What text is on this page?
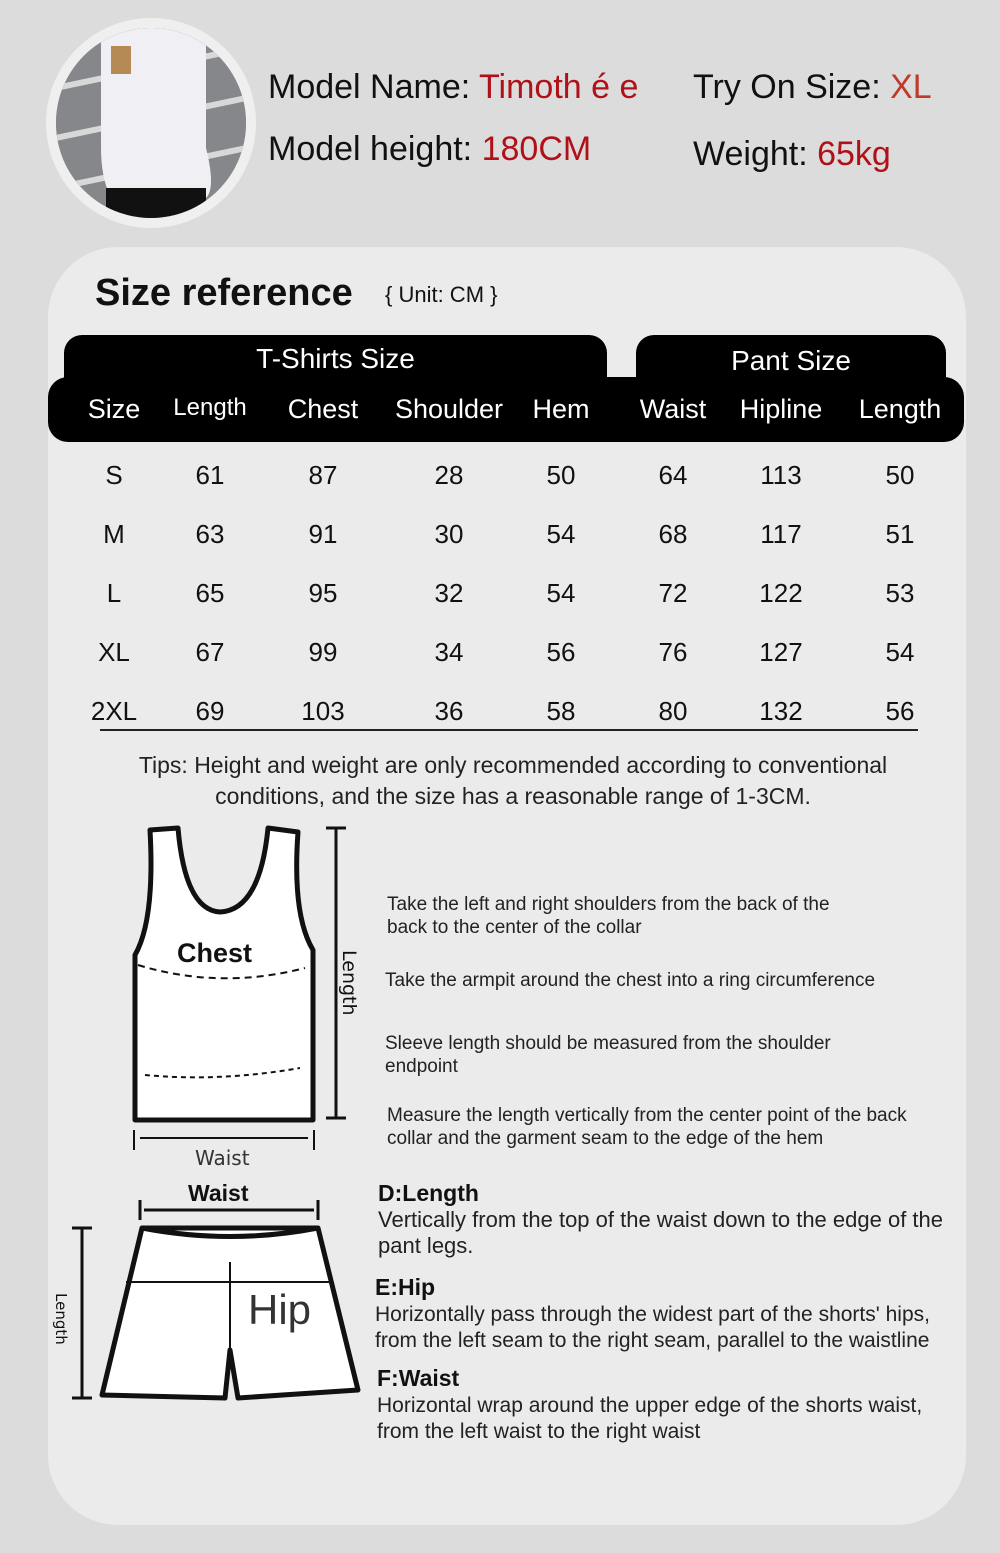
Model Name: Timoth é e Try On Size: XL
Model height: 180CM	Weight: 65kg
Size reference { Unit: CM }
T-Shirts Size	Pant Size
Size Length Chest Shoulder Hem Waist Hipline Length
S	61	87	28	50	64	113	50
M	63	91	30	54	68	117	51
L	65	95	32	54	72	122	53
XL	67	99	34	56	76	127	54
2XL 69	103	36	58	80	132	56
Tips: Height and weight are only recommended according to conventional conditions, and the size has a reasonable range of 1-3CM.
Chest	Length
Waist
Take the left and right shoulders from the back of the back to the center of the collar
Take the armpit around the chest into a ring circumference
Sleeve length should be measured from the shoulder endpoint
Measure the length vertically from the center point of the back collar and the garment seam to the edge of the hem
Waist
Hip
Length
D:Length
Vertically from the top of the waist down to the edge of the pant legs.
E:Hip
Horizontally pass through the widest part of the shorts' hips, from the left seam to the right seam, parallel to the waistline
F:Waist
Horizontal wrap around the upper edge of the shorts waist, from the left waist to the right waist
